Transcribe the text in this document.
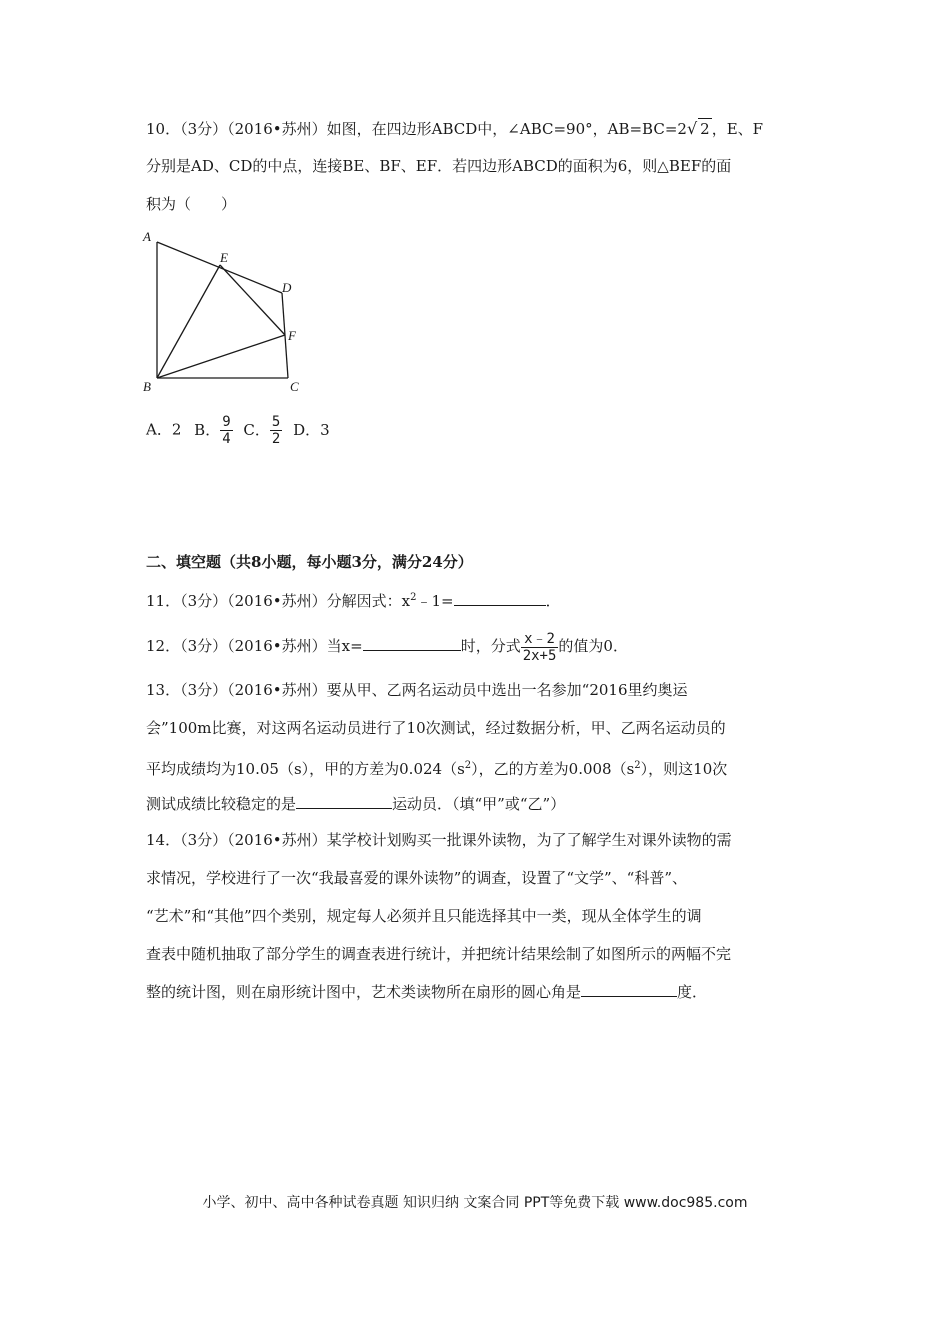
10．（3分）（2016•苏州）如图，在四边形ABCD中，∠ABC=90°，AB=BC=2√ 2 ，E、F
分别是AD、CD的中点，连接BE、BF、EF．若四边形ABCD的面积为6，则△BEF的面
积为（　　）
A
B	C
D
E
F
A．2 B． $\frac{9}{4}$ C． $\frac{5}{2}$ D．3
二、填空题（共8小题，每小题3分，满分24分）
11．（3分）（2016•苏州）分解因式：$x^2﹣1=$	．
12．（3分）（2016•苏州）当x=	时，分式 $\frac{x﹣2}{2x+5}$ 的值为0．
13．（3分）（2016•苏州）要从甲、乙两名运动员中选出一名参加“2016里约奥运
会”100m比赛，对这两名运动员进行了10次测试，经过数据分析，甲、乙两名运动员的
平均成绩均为10.05（s），甲的方差为$0.024(s^2)$，乙的方差为$0.008(s^2)$，则这10次
测试成绩比较稳定的是	运动员．（填“甲”或“乙”）
14．（3分）（2016•苏州）某学校计划购买一批课外读物，为了了解学生对课外读物的需
求情况，学校进行了一次“我最喜爱的课外读物”的调查，设置了“文学”、“科普”、
“艺术”和“其他”四个类别，规定每人必须并且只能选择其中一类，现从全体学生的调
查表中随机抽取了部分学生的调查表进行统计，并把统计结果绘制了如图所示的两幅不完
整的统计图，则在扇形统计图中，艺术类读物所在扇形的圆心角是	度．
小学、初中、高中各种试卷真题 知识归纳 文案合同 PPT等免费下载 www.doc985.com
